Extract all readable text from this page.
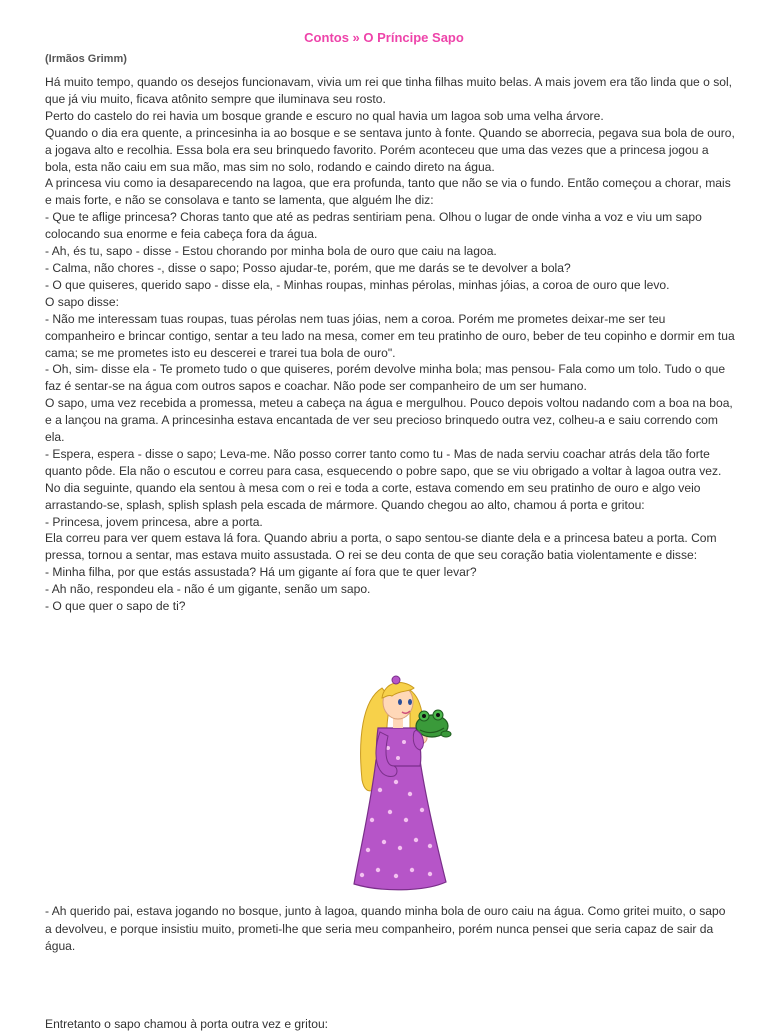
Contos » O Príncipe Sapo
(Irmãos Grimm)

Há muito tempo, quando os desejos funcionavam, vivia um rei que tinha filhas muito belas. A mais jovem era tão linda que o sol, que já viu muito, ficava atônito sempre que iluminava seu rosto.

Perto do castelo do rei havia um bosque grande e escuro no qual havia um lagoa sob uma velha árvore.

Quando o dia era quente, a princesinha ia ao bosque e se sentava junto à fonte. Quando se aborrecia, pegava sua bola de ouro, a jogava alto e recolhia. Essa bola era seu brinquedo favorito. Porém aconteceu que uma das vezes que a princesa jogou a bola, esta não caiu em sua mão, mas sim no solo, rodando e caindo direto na água.

A princesa viu como ia desaparecendo na lagoa, que era profunda, tanto que não se via o fundo. Então começou a chorar, mais e mais forte, e não se consolava e tanto se lamenta, que alguém lhe diz:

- Que te aflige princesa? Choras tanto que até as pedras sentiriam pena. Olhou o lugar de onde vinha a voz e viu um sapo colocando sua enorme e feia cabeça fora da água.

- Ah, és tu, sapo - disse - Estou chorando por minha bola de ouro que caiu na lagoa.

- Calma, não chores -, disse o sapo; Posso ajudar-te, porém, que me darás se te devolver a bola?

- O que quiseres, querido sapo - disse ela, - Minhas roupas, minhas pérolas, minhas jóias, a coroa de ouro que levo.

O sapo disse:

- Não me interessam tuas roupas, tuas pérolas nem tuas jóias, nem a coroa. Porém me prometes deixar-me ser teu companheiro e brincar contigo, sentar a teu lado na mesa, comer em teu pratinho de ouro, beber de teu copinho e dormir em tua cama; se me prometes isto eu descerei e trarei tua bola de ouro".

- Oh, sim- disse ela - Te prometo tudo o que quiseres, porém devolve minha bola; mas pensou- Fala como um tolo. Tudo o que faz é sentar-se na água com outros sapos e coachar. Não pode ser companheiro de um ser humano.

O sapo, uma vez recebida a promessa, meteu a cabeça na água e mergulhou. Pouco depois voltou nadando com a boa na boa, e a lançou na grama. A princesinha estava encantada de ver seu precioso brinquedo outra vez, colheu-a e saiu correndo com ela.

- Espera, espera - disse o sapo; Leva-me. Não posso correr tanto como tu - Mas de nada serviu coachar atrás dela tão forte quanto pôde. Ela não o escutou e correu para casa, esquecendo o pobre sapo, que se viu obrigado a voltar à lagoa outra vez.

No dia seguinte, quando ela sentou à mesa com o rei e toda a corte, estava comendo em seu pratinho de ouro e algo veio arrastando-se, splash, splish splash pela escada de mármore. Quando chegou ao alto, chamou á porta e gritou:

- Princesa, jovem princesa, abre a porta.

Ela correu para ver quem estava lá fora. Quando abriu a porta, o sapo sentou-se diante dela e a princesa bateu a porta. Com pressa, tornou a sentar, mas estava muito assustada. O rei se deu conta de que seu coração batia violentamente e disse:

- Minha filha, por que estás assustada? Há um gigante aí fora que te quer levar?

- Ah não, respondeu ela - não é um gigante, senão um sapo.

- O que quer o sapo de ti?

- Ah querido pai, estava jogando no bosque, junto à lagoa, quando minha bola de ouro caiu na água. Como gritei muito, o sapo a devolveu, e porque insistiu muito, prometi-lhe que seria meu companheiro, porém nunca pensei que seria capaz de sair da água.

Entretanto o sapo chamou à porta outra vez e gritou:
